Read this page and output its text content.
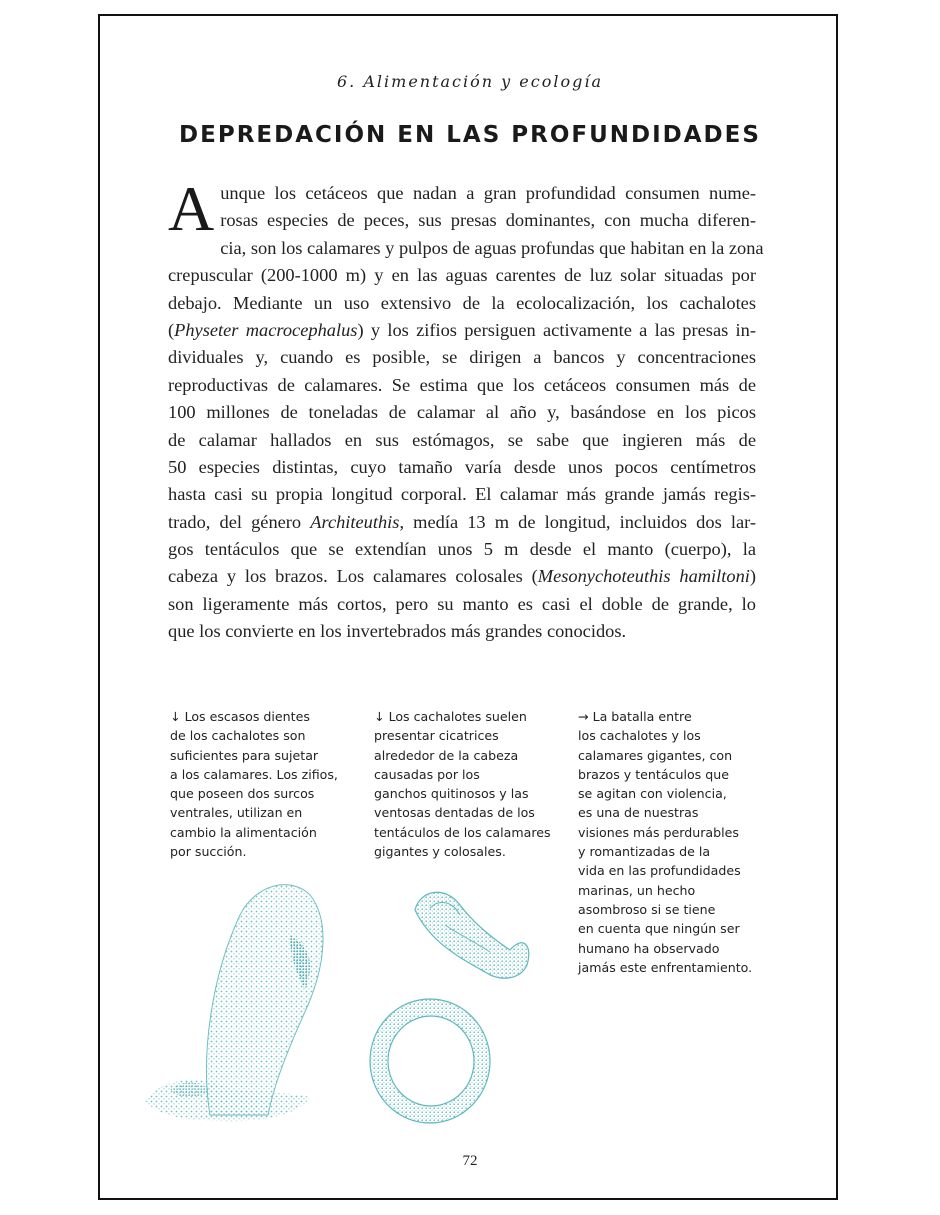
6. Alimentación y ecología
DEPREDACIÓN EN LAS PROFUNDIDADES
A unque los cetáceos que nadan a gran profundidad consumen nume-
rosas especies de peces, sus presas dominantes, con mucha diferen-
cia, son los calamares y pulpos de aguas profundas que habitan en la zona
crepuscular (200-1000 m) y en las aguas carentes de luz solar situadas por
debajo. Mediante un uso extensivo de la ecolocalización, los cachalotes
(Physeter macrocephalus) y los zifios persiguen activamente a las presas in-
dividuales y, cuando es posible, se dirigen a bancos y concentraciones
reproductivas de calamares. Se estima que los cetáceos consumen más de
100 millones de toneladas de calamar al año y, basándose en los picos
de calamar hallados en sus estómagos, se sabe que ingieren más de
50 especies distintas, cuyo tamaño varía desde unos pocos centímetros
hasta casi su propia longitud corporal. El calamar más grande jamás regis-
trado, del género Architeuthis, medía 13 m de longitud, incluidos dos lar-
gos tentáculos que se extendían unos 5 m desde el manto (cuerpo), la
cabeza y los brazos. Los calamares colosales (Mesonychoteuthis hamiltoni)
son ligeramente más cortos, pero su manto es casi el doble de grande, lo
que los convierte en los invertebrados más grandes conocidos.
↓ Los escasos dientes
de los cachalotes son
suficientes para sujetar
a los calamares. Los zifios,
que poseen dos surcos
ventrales, utilizan en
cambio la alimentación
por succión.
↓ Los cachalotes suelen
presentar cicatrices
alrededor de la cabeza
causadas por los
ganchos quitinosos y las
ventosas dentadas de los
tentáculos de los calamares
gigantes y colosales.
→ La batalla entre
los cachalotes y los
calamares gigantes, con
brazos y tentáculos que
se agitan con violencia,
es una de nuestras
visiones más perdurables
y romantizadas de la
vida en las profundidades
marinas, un hecho
asombroso si se tiene
en cuenta que ningún ser
humano ha observado
jamás este enfrentamiento.
72
